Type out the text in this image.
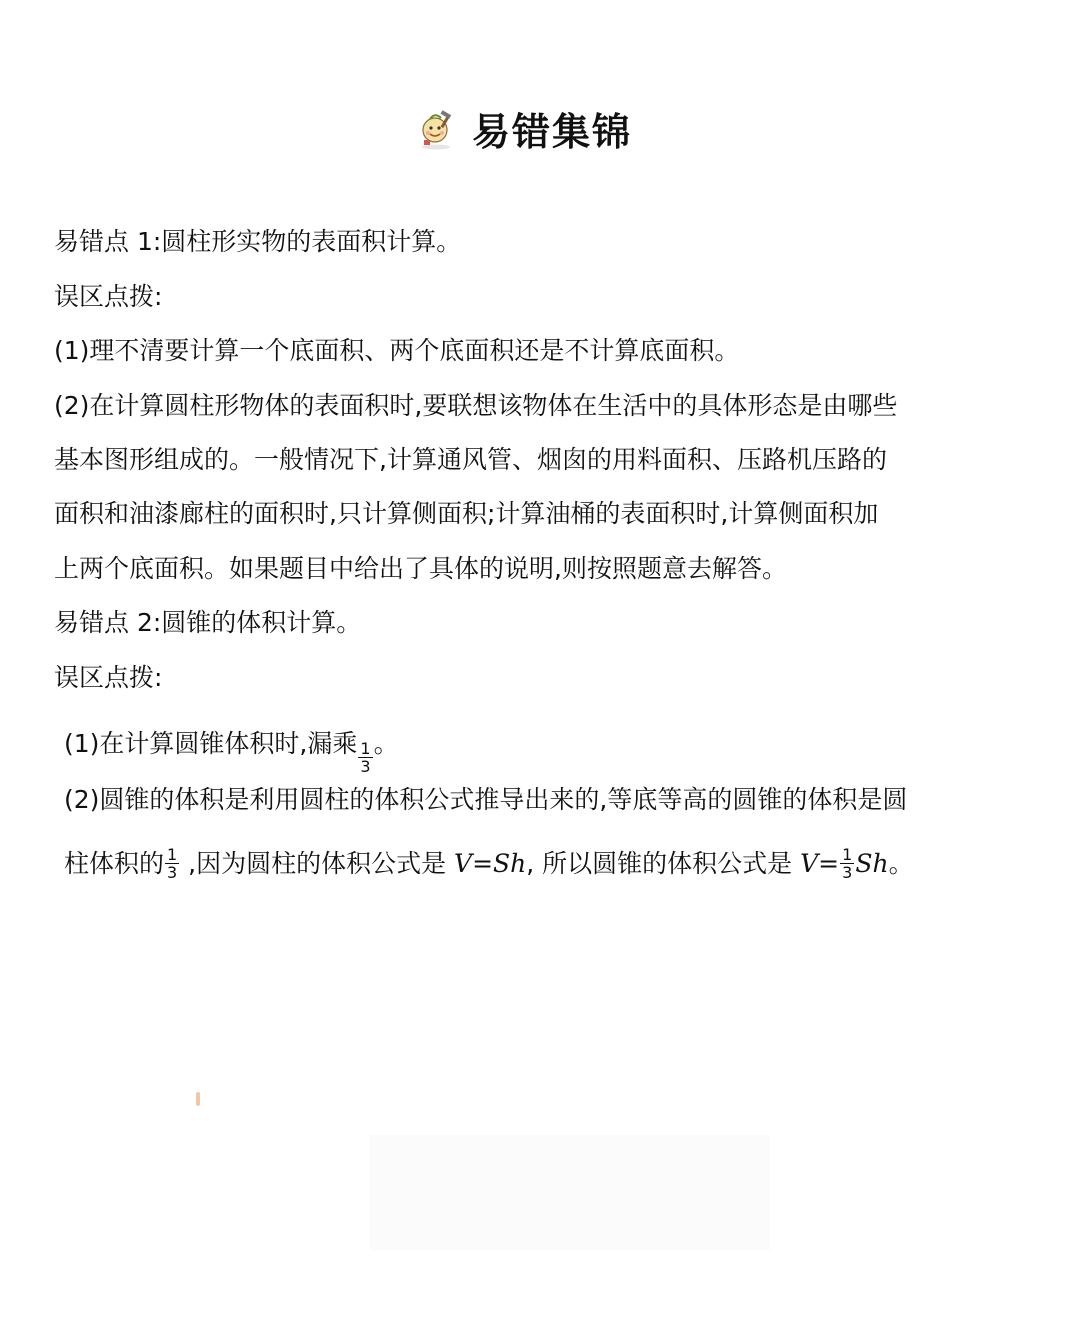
易错集锦
易错点 1:圆柱形实物的表面积计算。
误区点拨:
(1)理不清要计算一个底面积、两个底面积还是不计算底面积。
(2)在计算圆柱形物体的表面积时,要联想该物体在生活中的具体形态是由哪些
基本图形组成的。一般情况下,计算通风管、烟囱的用料面积、压路机压路的
面积和油漆廊柱的面积时,只计算侧面积;计算油桶的表面积时,计算侧面积加
上两个底面积。如果题目中给出了具体的说明,则按照题意去解答。
易错点 2:圆锥的体积计算。
误区点拨:
(1)在计算圆锥体积时,漏乘 $\frac{1}{3}$ 。
(2)圆锥的体积是利用圆柱的体积公式推导出来的,等底等高的圆锥的体积是圆
柱体积的 $\frac{1}{3}$ ,因为圆柱的体积公式是 V=Sh, 所以圆锥的体积公式是 $V= \frac{1}{3}$ Sh。
